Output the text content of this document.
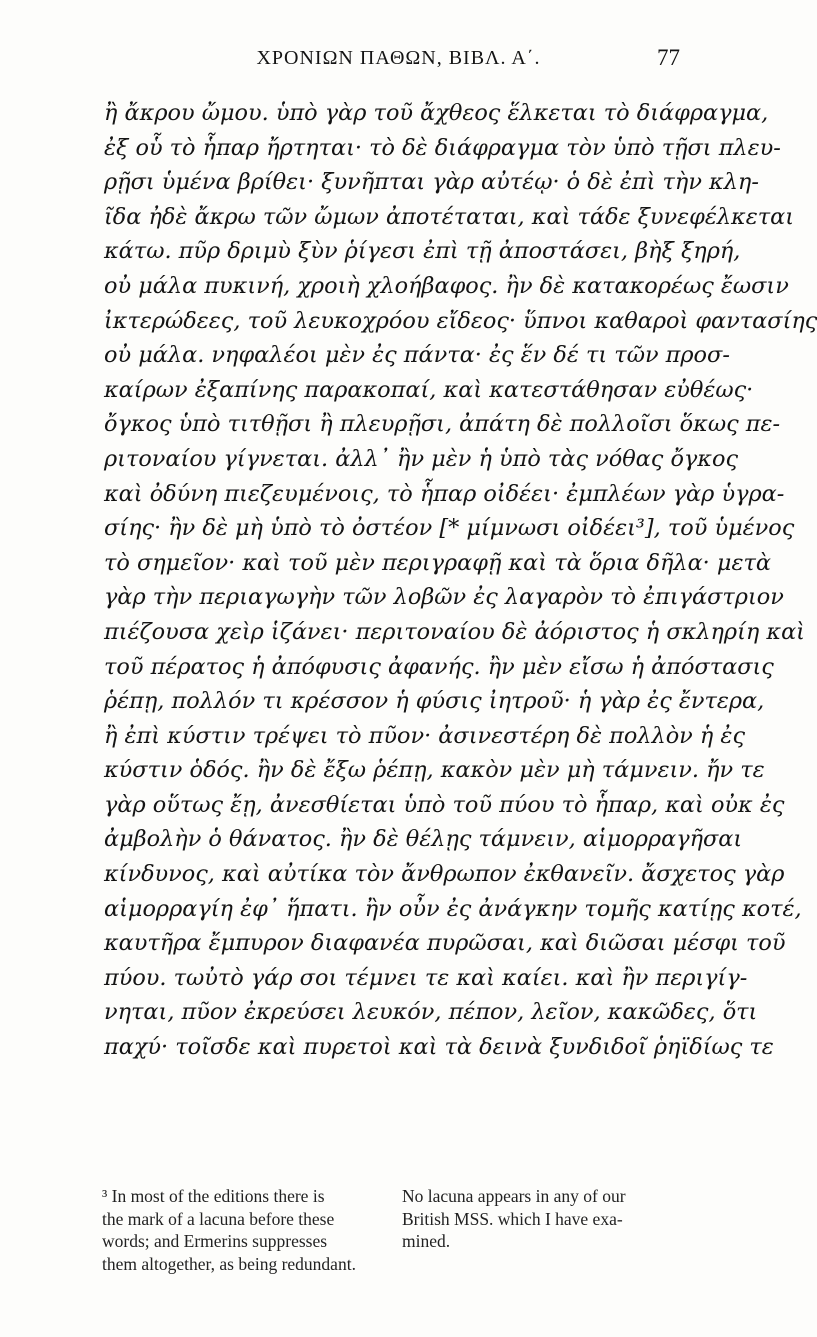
ΧΡΟΝΙΩΝ ΠΑΘΩΝ, ΒΙΒΛ. Α΄.	77
ἢ ἄκρου ὤμου. ὑπὸ γὰρ τοῦ ἄχθεος ἕλκεται τὸ διάφραγμα,
ἐξ οὗ τὸ ἧπαρ ἤρτηται· τὸ δὲ διάφραγμα τὸν ὑπὸ τῇσι πλευ-
ρῇσι ὑμένα βρίθει· ξυνῆπται γὰρ αὐτέῳ· ὁ δὲ ἐπὶ τὴν κλη-
ῖδα ἠδὲ ἄκρω τῶν ὤμων ἀποτέταται, καὶ τάδε ξυνεφέλκεται
κάτω. πῦρ δριμὺ ξὺν ῥίγεσι ἐπὶ τῇ ἀποστάσει, βὴξ ξηρή,
οὐ μάλα πυκινή, χροιὴ χλοήβαφος. ἢν δὲ κατακορέως ἔωσιν
ἰκτερώδεες, τοῦ λευκοχρόου εἴδεος· ὕπνοι καθαροὶ φαντασίης
οὐ μάλα. νηφαλέοι μὲν ἐς πάντα· ἐς ἕν δέ τι τῶν προσ-
καίρων ἐξαπίνης παρακοπαί, καὶ κατεστάθησαν εὐθέως·
ὄγκος ὑπὸ τιτθῇσι ἢ πλευρῇσι, ἀπάτη δὲ πολλοῖσι ὅκως πε-
ριτοναίου γίγνεται. ἀλλ᾽ ἢν μὲν ἡ ὑπὸ τὰς νόθας ὄγκος
καὶ ὀδύνη πιεζευμένοις, τὸ ἧπαρ οἰδέει· ἐμπλέων γὰρ ὑγρα-
σίης· ἢν δὲ μὴ ὑπὸ τὸ ὀστέον [* μίμνωσι οἰδέει³], τοῦ ὑμένος
τὸ σημεῖον· καὶ τοῦ μὲν περιγραφῇ καὶ τὰ ὅρια δῆλα· μετὰ
γὰρ τὴν περιαγωγὴν τῶν λοβῶν ἐς λαγαρὸν τὸ ἐπιγάστριον
πιέζουσα χεὶρ ἱζάνει· περιτοναίου δὲ ἀόριστος ἡ σκληρίη καὶ
τοῦ πέρατος ἡ ἀπόφυσις ἀφανής. ἢν μὲν εἴσω ἡ ἀπόστασις
ῥέπῃ, πολλόν τι κρέσσον ἡ φύσις ἰητροῦ· ἡ γὰρ ἐς ἔντερα,
ἢ ἐπὶ κύστιν τρέψει τὸ πῦον· ἀσινεστέρη δὲ πολλὸν ἡ ἐς
κύστιν ὁδός. ἢν δὲ ἔξω ῥέπῃ, κακὸν μὲν μὴ τάμνειν. ἤν τε
γὰρ οὕτως ἔῃ, ἀνεσθίεται ὑπὸ τοῦ πύου τὸ ἧπαρ, καὶ οὐκ ἐς
ἀμβολὴν ὁ θάνατος. ἢν δὲ θέλῃς τάμνειν, αἱμορραγῆσαι
κίνδυνος, καὶ αὐτίκα τὸν ἄνθρωπον ἐκθανεῖν. ἄσχετος γὰρ
αἱμορραγίη ἐφ᾽ ἥπατι. ἢν οὖν ἐς ἀνάγκην τομῆς κατίῃς κοτέ,
καυτῆρα ἔμπυρον διαφανέα πυρῶσαι, καὶ διῶσαι μέσφι τοῦ
πύου. τωὐτὸ γάρ σοι τέμνει τε καὶ καίει. καὶ ἢν περιγίγ-
νηται, πῦον ἐκρεύσει λευκόν, πέπον, λεῖον, κακῶδες, ὅτι
παχύ· τοῖσδε καὶ πυρετοὶ καὶ τὰ δεινὰ ξυνδιδοῖ ῥηϊδίως τε
³ In most of the editions there is
the mark of a lacuna before these
words; and Ermerins suppresses
them altogether, as being redundant.
No lacuna appears in any of our
British MSS. which I have exa-
mined.
